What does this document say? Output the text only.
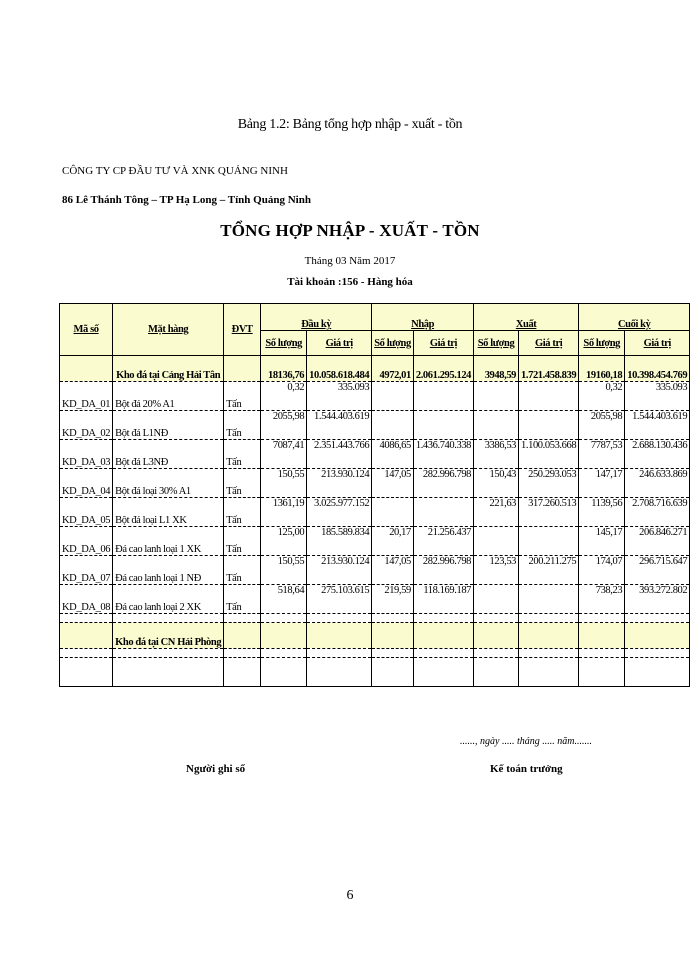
Bảng 1.2: Bảng tổng hợp nhập - xuất - tồn
CÔNG TY CP ĐẦU TƯ VÀ XNK QUẢNG NINH
86 Lê Thánh Tông – TP Hạ Long – Tỉnh Quảng Ninh
TỔNG HỢP NHẬP - XUẤT - TỒN
Tháng 03 Năm 2017
Tài khoản :156 - Hàng hóa
Mã số	Mặt hàng	ĐVT	Đầu kỳ		Nhập		Xuất		Cuối kỳ	
			Số lượng	Giá trị	Số lượng	Giá trị	Số lượng	Giá trị	Số lượng	Giá trị
	Kho đá tại Cảng Hải Tân		18136,76	10.058.618.484	4972,01	2.061.295.124	3948,59	1.721.458.839	19160,18	10.398.454.769
KD_DA_01	Bột đá 20% A1	Tấn	0,32	335.093					0,32	335.093
KD_DA_02	Bột đá L1NĐ	Tấn	2055,98	1.544.403.619					2055,98	1.544.403.619
KD_DA_03	Bột đá L3NĐ	Tấn	7087,41	2.351.443.766	4086,65	1.436.740.338	3386,53	1.100.053.668	7787,53	2.688.130.436
KD_DA_04	Bột đá loại 30% A1	Tấn	150,55	213.930.124	147,05	282.996.798	150,43	250.293.053	147,17	246.633.869
KD_DA_05	Bột đá loại L1 XK	Tấn	1361,19	3.025.977.152			221,63	317.260.513	1139,56	2.708.716.639
KD_DA_06	Đá cao lanh loại 1 XK	Tấn	125,00	185.589.834	20,17	21.256.437			145,17	206.846.271
KD_DA_07	Đá cao lanh loại 1 NĐ	Tấn	150,55	213.930.124	147,05	282.996.798	123,53	200.211.275	174,07	296.715.647
KD_DA_08	Đá cao lanh loại 2 XK	Tấn	518,64	275.103.615	219,59	118.169.187			738,23	393.272.802

	Kho đá tại CN Hải Phòng									

......, ngày ..... tháng ..... năm.......
Người ghi sổ	Kế toán trưởng
6
